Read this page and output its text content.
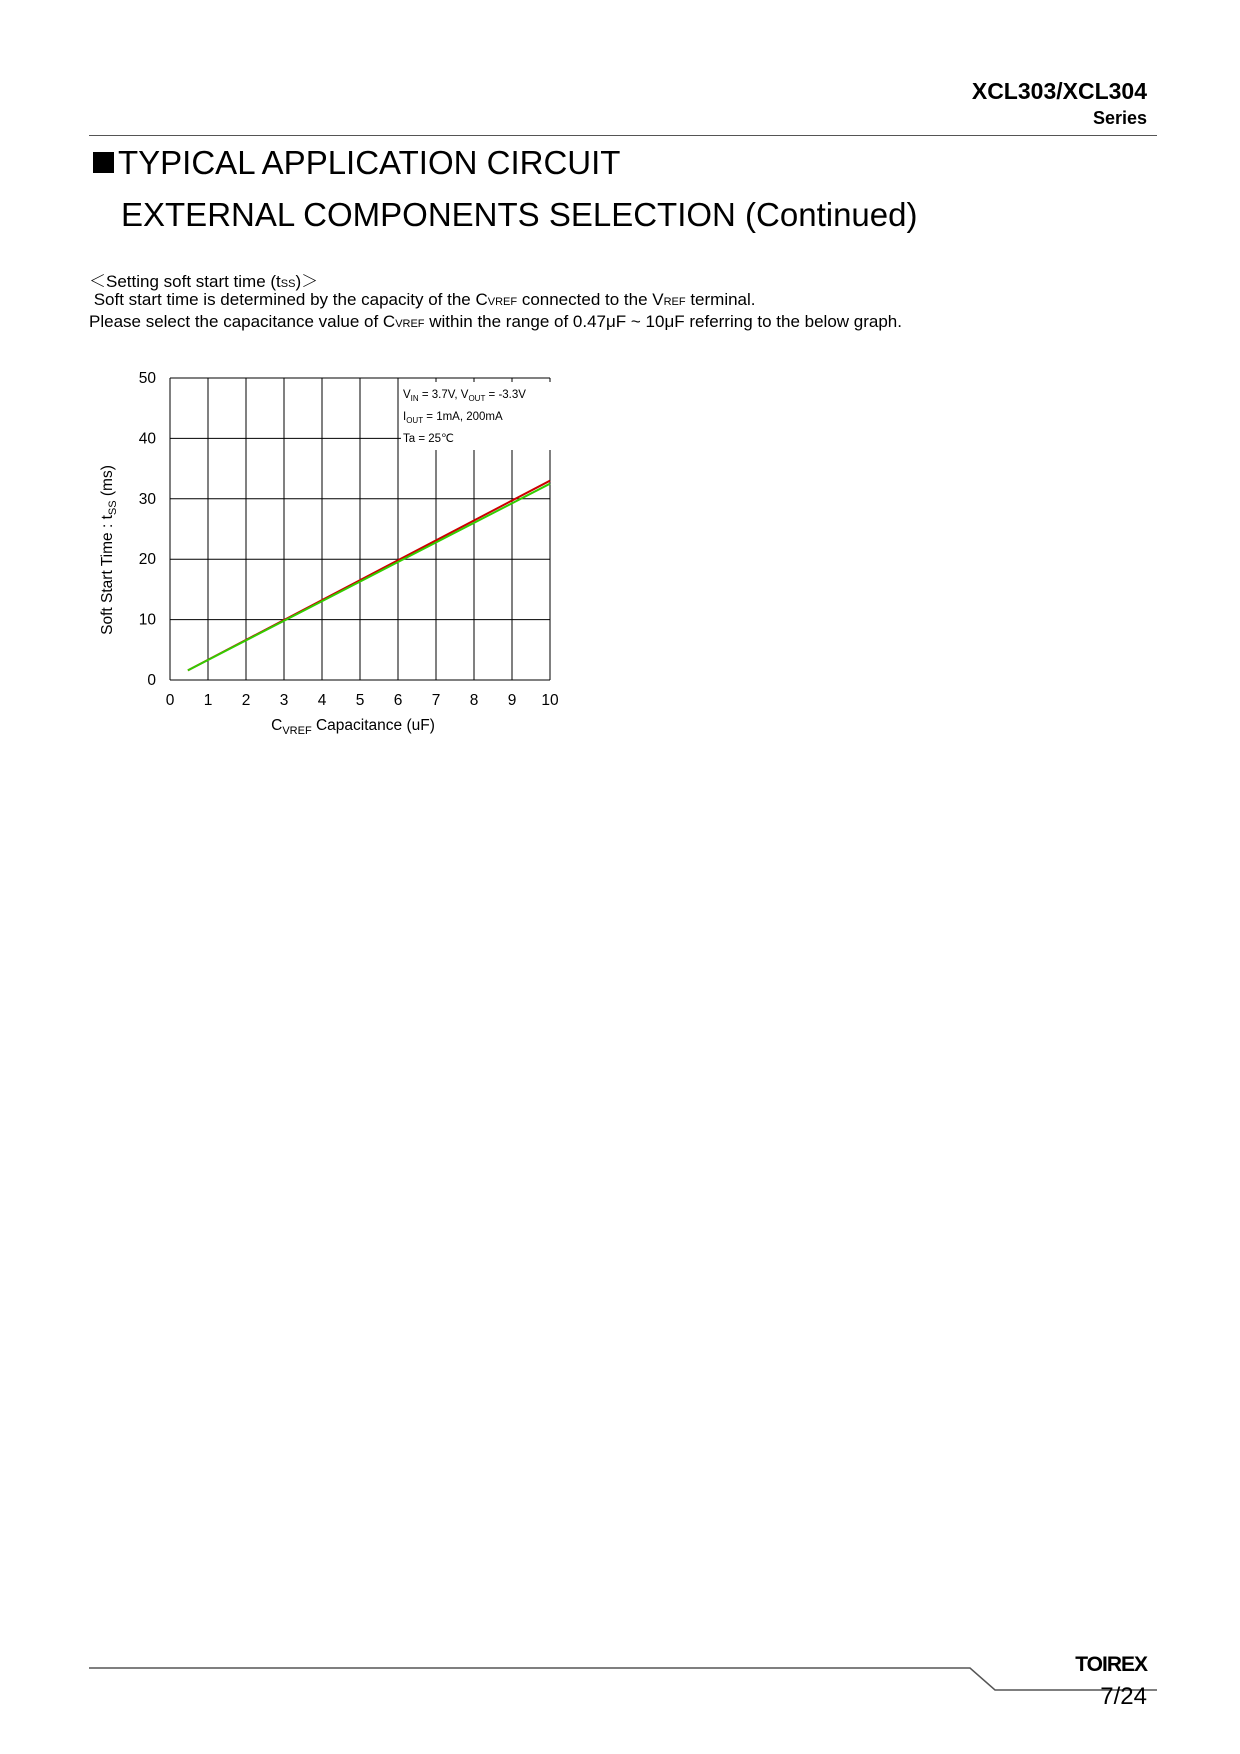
XCL303/XCL304
Series
TYPICAL APPLICATION CIRCUIT
EXTERNAL COMPONENTS SELECTION (Continued)
＜Setting soft start time (tSS)＞
Soft start time is determined by the capacity of the CVREF connected to the VREF terminal.
Please select the capacitance value of CVREF within the range of 0.47μF ~ 10μF referring to the below graph.
0 1 2 3 4 5 6 7 8 9 10
0
10
20
30
40
50
$V_{IN} = 3.7V$, $V_{OUT} = -3.3V$
$I_{OUT} = 1mA$, 200mA
Ta = 25℃
$C_{VREF}$ Capacitance (uF)
Soft Start Time : $t_{SS}$ (ms)
TOIREX
7/24
